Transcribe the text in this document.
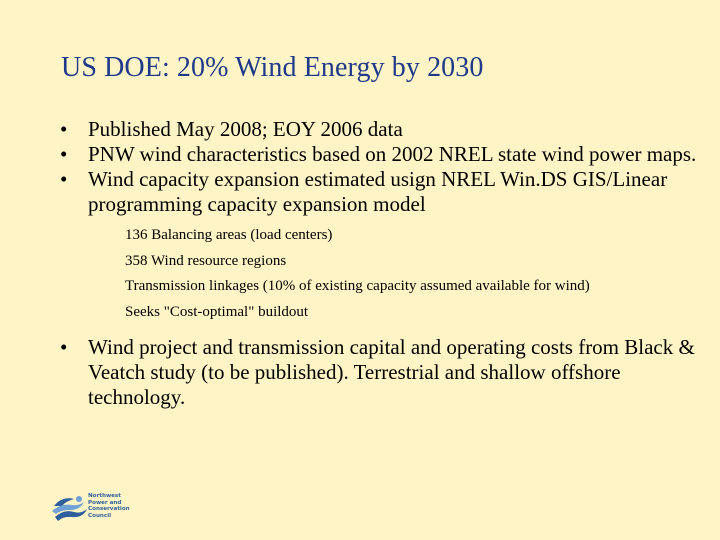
US DOE: 20% Wind Energy by 2030
• Published May 2008; EOY 2006 data
• PNW wind characteristics based on 2002 NREL state wind power maps.
• Wind capacity expansion estimated usign NREL Win.DS GIS/Linear programming capacity expansion model
136 Balancing areas (load centers)
358 Wind resource regions
Transmission linkages (10% of existing capacity assumed available for wind)
Seeks "Cost-optimal" buildout
• Wind project and transmission capital and operating costs from Black & Veatch study (to be published). Terrestrial and shallow offshore technology.
Northwest
Power and
Conservation
Council
